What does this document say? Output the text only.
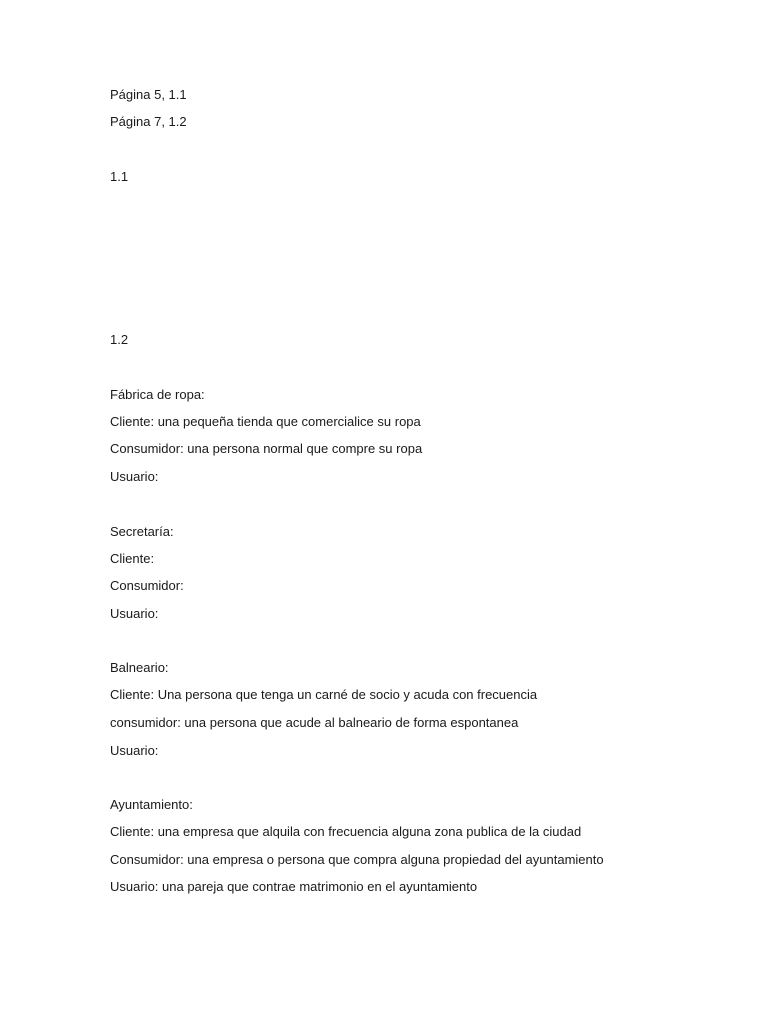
Página 5, 1.1
Página 7, 1.2
1.1
1.2
Fábrica de ropa:
Cliente: una pequeña tienda que comercialice su ropa
Consumidor: una persona normal que compre su ropa
Usuario:
Secretaría:
Cliente:
Consumidor:
Usuario:
Balneario:
Cliente: Una persona que tenga un carné de socio y acuda con frecuencia
consumidor: una persona que acude al balneario de forma espontanea
Usuario:
Ayuntamiento:
Cliente: una empresa que alquila con frecuencia alguna zona publica de la ciudad
Consumidor: una empresa o persona que compra alguna propiedad del ayuntamiento
Usuario: una pareja que contrae matrimonio en el ayuntamiento
